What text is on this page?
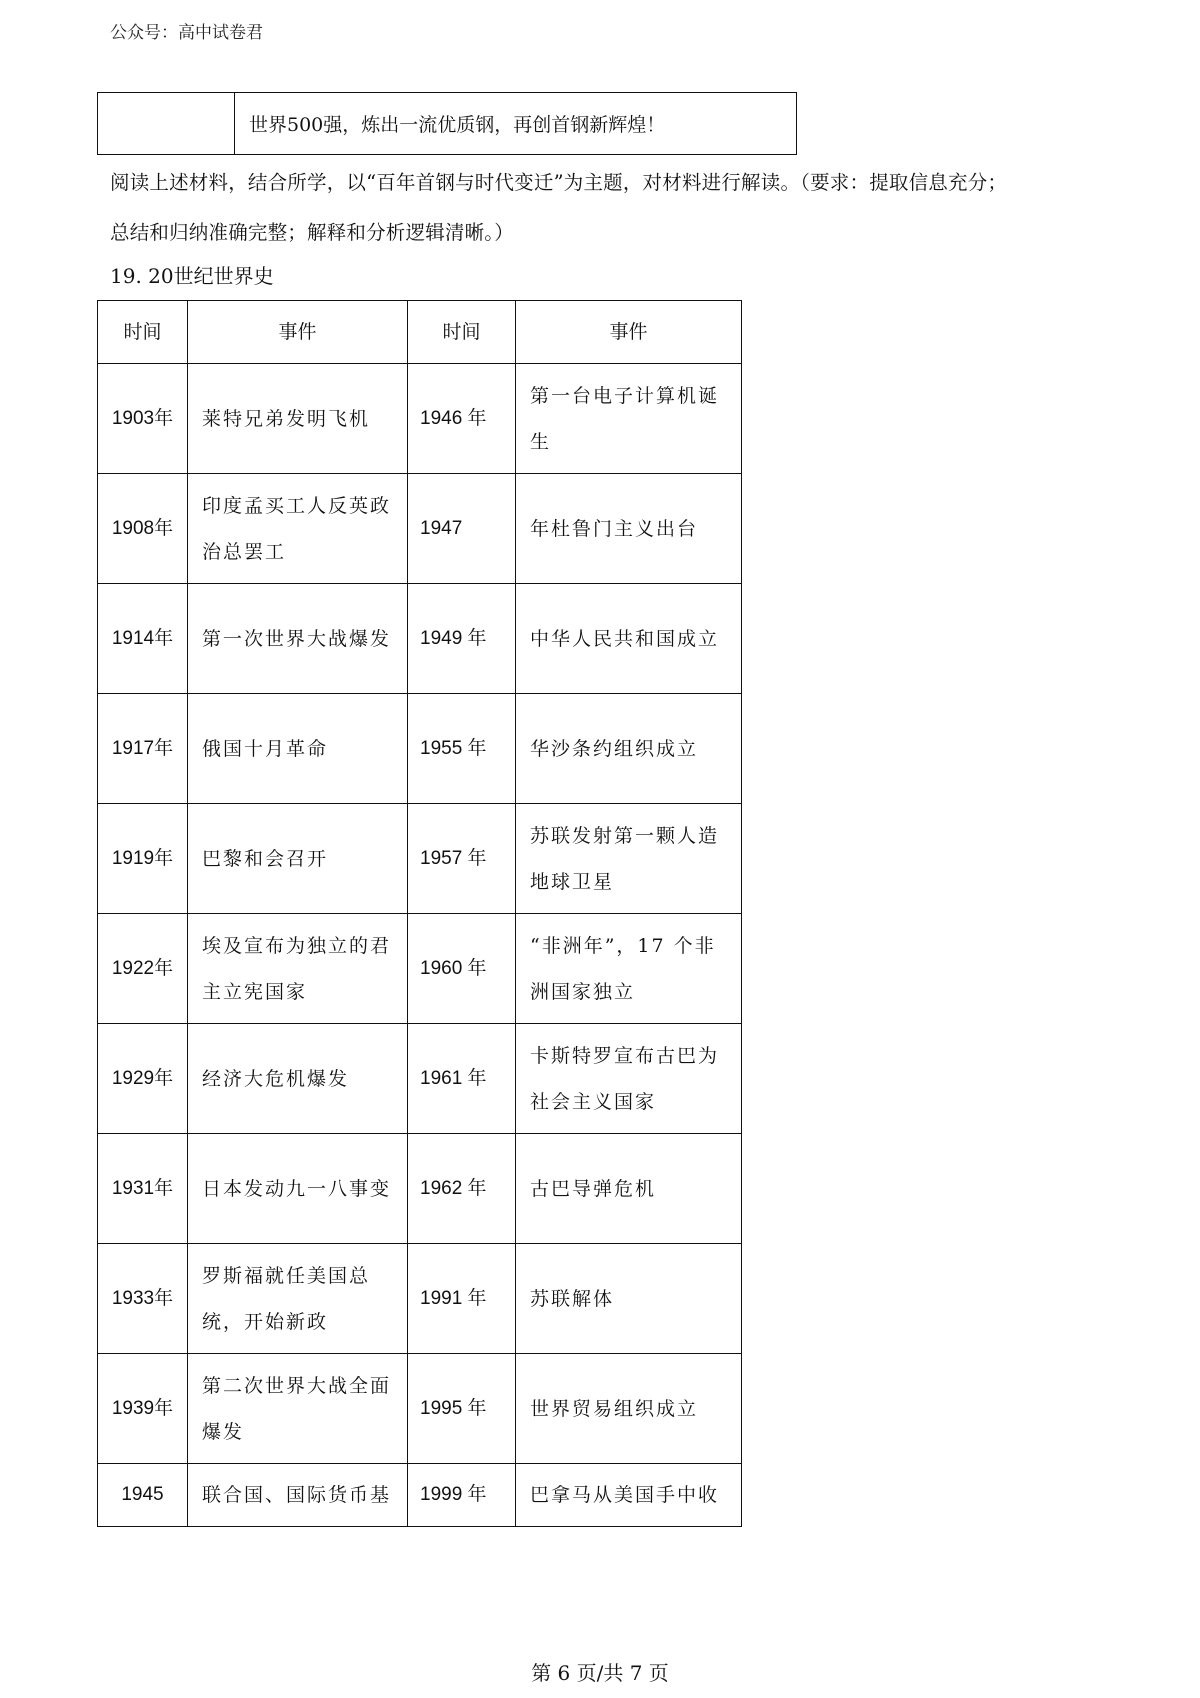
公众号：高中试卷君
	世界500强，炼出一流优质钢，再创首钢新辉煌！
阅读上述材料，结合所学，以“百年首钢与时代变迁”为主题，对材料进行解读。（要求：提取信息充分；
总结和归纳准确完整；解释和分析逻辑清晰。）
19. 20世纪世界史
时间	事件	时间	事件
1903年	莱特兄弟发明飞机	1946 年	第一台电子计算机诞生
1908年	印度孟买工人反英政治总罢工	1947	年杜鲁门主义出台
1914年	第一次世界大战爆发	1949 年	中华人民共和国成立
1917年	俄国十月革命	1955 年	华沙条约组织成立
1919年	巴黎和会召开	1957 年	苏联发射第一颗人造地球卫星
1922年	埃及宣布为独立的君主立宪国家	1960 年	“非洲年”，17 个非洲国家独立
1929年	经济大危机爆发	1961 年	卡斯特罗宣布古巴为社会主义国家
1931年	日本发动九一八事变	1962 年	古巴导弹危机
1933年	罗斯福就任美国总统，开始新政	1991 年	苏联解体
1939年	第二次世界大战全面爆发	1995 年	世界贸易组织成立
1945	联合国、国际货币基	1999 年	巴拿马从美国手中收
第 6 页/共 7 页
